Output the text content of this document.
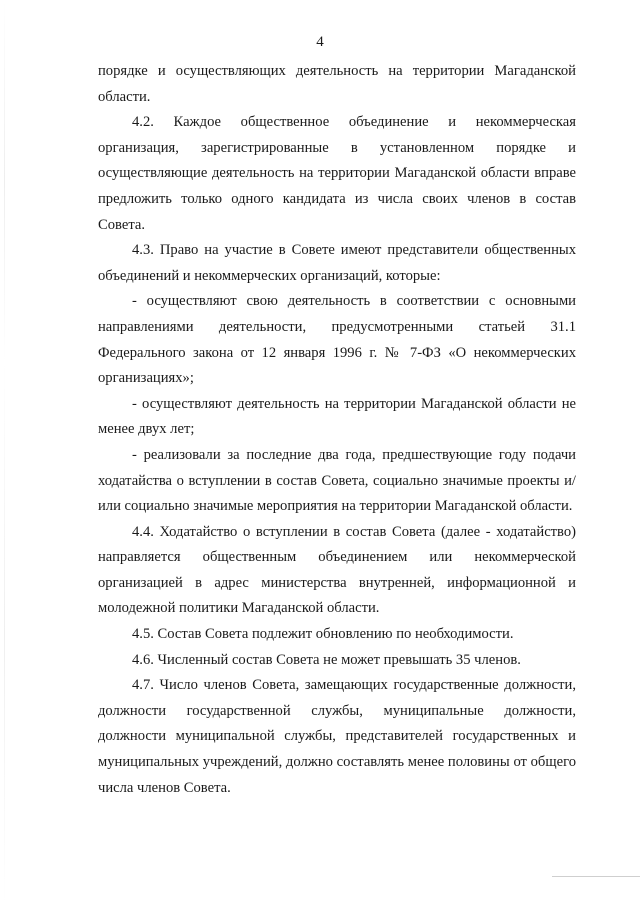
4

порядке и осуществляющих деятельность на территории Магаданской области.

4.2. Каждое общественное объединение и некоммерческая организация, зарегистрированные в установленном порядке и осуществляющие деятельность на территории Магаданской области вправе предложить только одного кандидата из числа своих членов в состав Совета.

4.3. Право на участие в Совете имеют представители общественных объединений и некоммерческих организаций, которые:

- осуществляют свою деятельность в соответствии с основными направлениями деятельности, предусмотренными статьей 31.1 Федерального закона от 12 января 1996 г. № 7-ФЗ «О некоммерческих организациях»;

- осуществляют деятельность на территории Магаданской области не менее двух лет;

- реализовали за последние два года, предшествующие году подачи ходатайства о вступлении в состав Совета, социально значимые проекты и/или социально значимые мероприятия на территории Магаданской области.

4.4. Ходатайство о вступлении в состав Совета (далее - ходатайство) направляется общественным объединением или некоммерческой организацией в адрес министерства внутренней, информационной и молодежной политики Магаданской области.

4.5. Состав Совета подлежит обновлению по необходимости.

4.6. Численный состав Совета не может превышать 35 членов.

4.7. Число членов Совета, замещающих государственные должности, должности государственной службы, муниципальные должности, должности муниципальной службы, представителей государственных и муниципальных учреждений, должно составлять менее половины от общего числа членов Совета.
